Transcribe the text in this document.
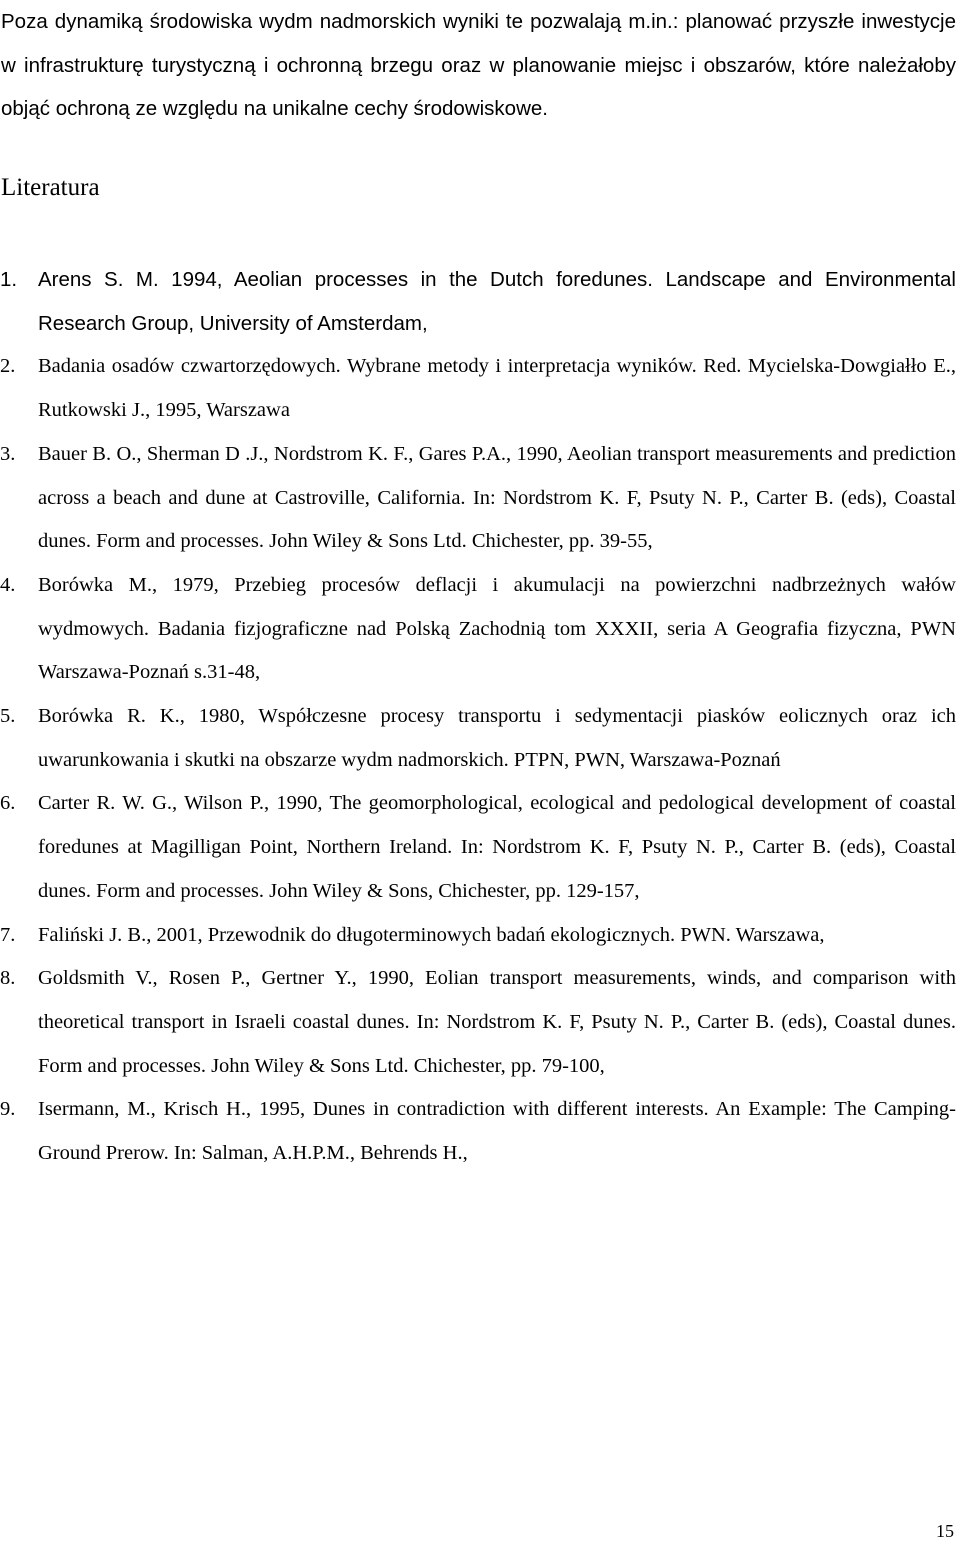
Poza dynamiką środowiska wydm nadmorskich wyniki te pozwalają m.in.: planować przyszłe inwestycje w infrastrukturę turystyczną i ochronną brzegu oraz w planowanie miejsc i obszarów, które należałoby objąć ochroną ze względu na unikalne cechy środowiskowe.
Literatura
1.	Arens S. M. 1994, Aeolian processes in the Dutch foredunes. Landscape and Environmental Research Group, University of Amsterdam,
2.	Badania osadów czwartorzędowych. Wybrane metody i interpretacja wyników. Red. Mycielska-Dowgiałło E., Rutkowski J., 1995, Warszawa
3.	Bauer B. O., Sherman D .J., Nordstrom K. F., Gares P.A., 1990, Aeolian transport measurements and prediction across a beach and dune at Castroville, California. In: Nordstrom K. F, Psuty N. P., Carter B. (eds), Coastal dunes. Form and processes. John Wiley & Sons Ltd. Chichester, pp. 39-55,
4.	Borówka M., 1979, Przebieg procesów deflacji i akumulacji na powierzchni nadbrzeżnych wałów wydmowych. Badania fizjograficzne nad Polską Zachodnią tom XXXII, seria A Geografia fizyczna, PWN Warszawa-Poznań s.31-48,
5.	Borówka R. K., 1980, Współczesne procesy transportu i sedymentacji piasków eolicznych oraz ich uwarunkowania i skutki na obszarze wydm nadmorskich. PTPN, PWN, Warszawa-Poznań
6.	Carter R. W. G., Wilson P., 1990, The geomorphological, ecological and pedological development of coastal foredunes at Magilligan Point, Northern Ireland. In: Nordstrom K. F, Psuty N. P., Carter B. (eds), Coastal dunes. Form and processes. John Wiley & Sons, Chichester, pp. 129-157,
7.	Faliński J. B., 2001, Przewodnik do długoterminowych badań ekologicznych. PWN. Warszawa,
8.	Goldsmith V., Rosen P., Gertner Y., 1990, Eolian transport measurements, winds, and comparison with theoretical transport in Israeli coastal dunes. In: Nordstrom K. F, Psuty N. P., Carter B. (eds), Coastal dunes. Form and processes. John Wiley & Sons Ltd. Chichester, pp. 79-100,
9.	Isermann, M., Krisch H., 1995, Dunes in contradiction with different interests. An Example: The Camping-Ground Prerow. In: Salman, A.H.P.M., Behrends H.,
15
